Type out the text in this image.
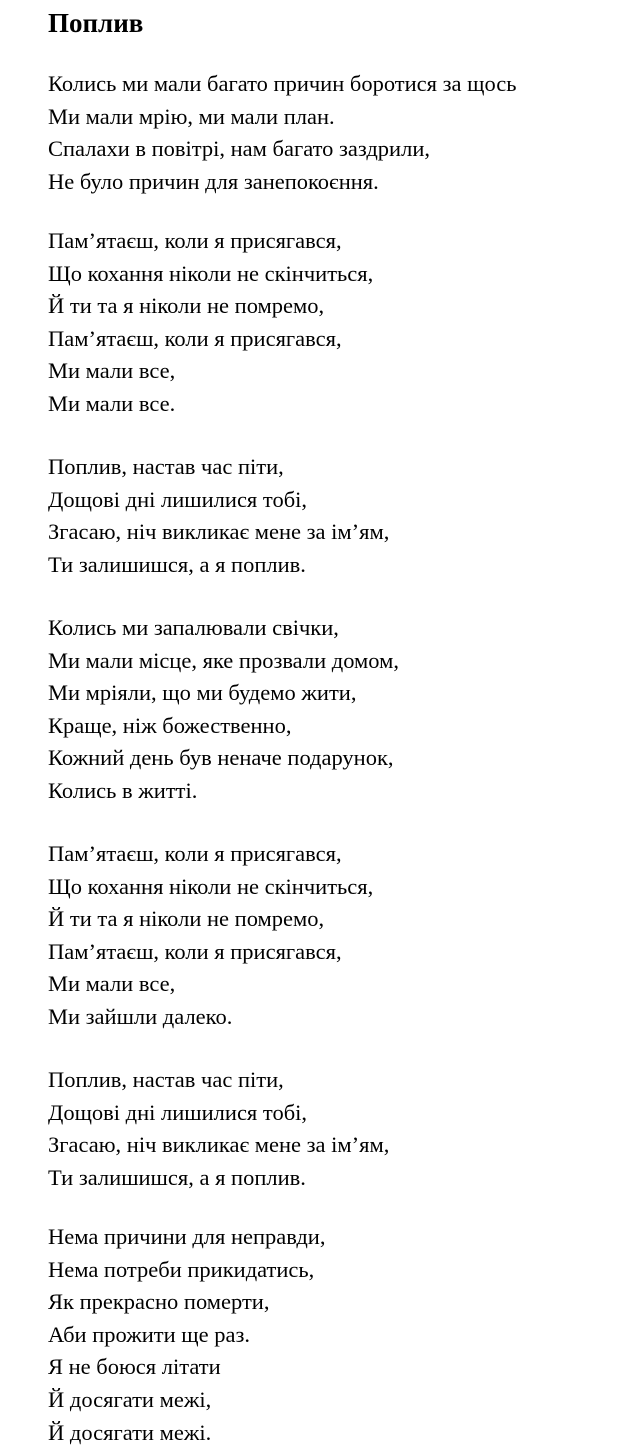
Поплив
Колись ми мали багато причин боротися за щось
Ми мали мрію, ми мали план.
Спалахи в повітрі, нам багато заздрили,
Не було причин для занепокоєння.
Пам’ятаєш, коли я присягався,
Що кохання ніколи не скінчиться,
Й ти та я ніколи не помремо,
Пам’ятаєш, коли я присягався,
Ми мали все,
Ми мали все.
Поплив, настав час піти,
Дощові дні лишилися тобі,
Згасаю, ніч викликає мене за ім’ям,
Ти залишишся, а я поплив.
Колись ми запалювали свічки,
Ми мали місце, яке прозвали домом,
Ми мріяли, що ми будемо жити,
Краще, ніж божественно,
Кожний день був неначе подарунок,
Колись в житті.
Пам’ятаєш, коли я присягався,
Що кохання ніколи не скінчиться,
Й ти та я ніколи не помремо,
Пам’ятаєш, коли я присягався,
Ми мали все,
Ми зайшли далеко.
Поплив, настав час піти,
Дощові дні лишилися тобі,
Згасаю, ніч викликає мене за ім’ям,
Ти залишишся, а я поплив.
Нема причини для неправди,
Нема потреби прикидатись,
Як прекрасно померти,
Аби прожити ще раз.
Я не боюся літати
Й досягати межі,
Й досягати межі.
